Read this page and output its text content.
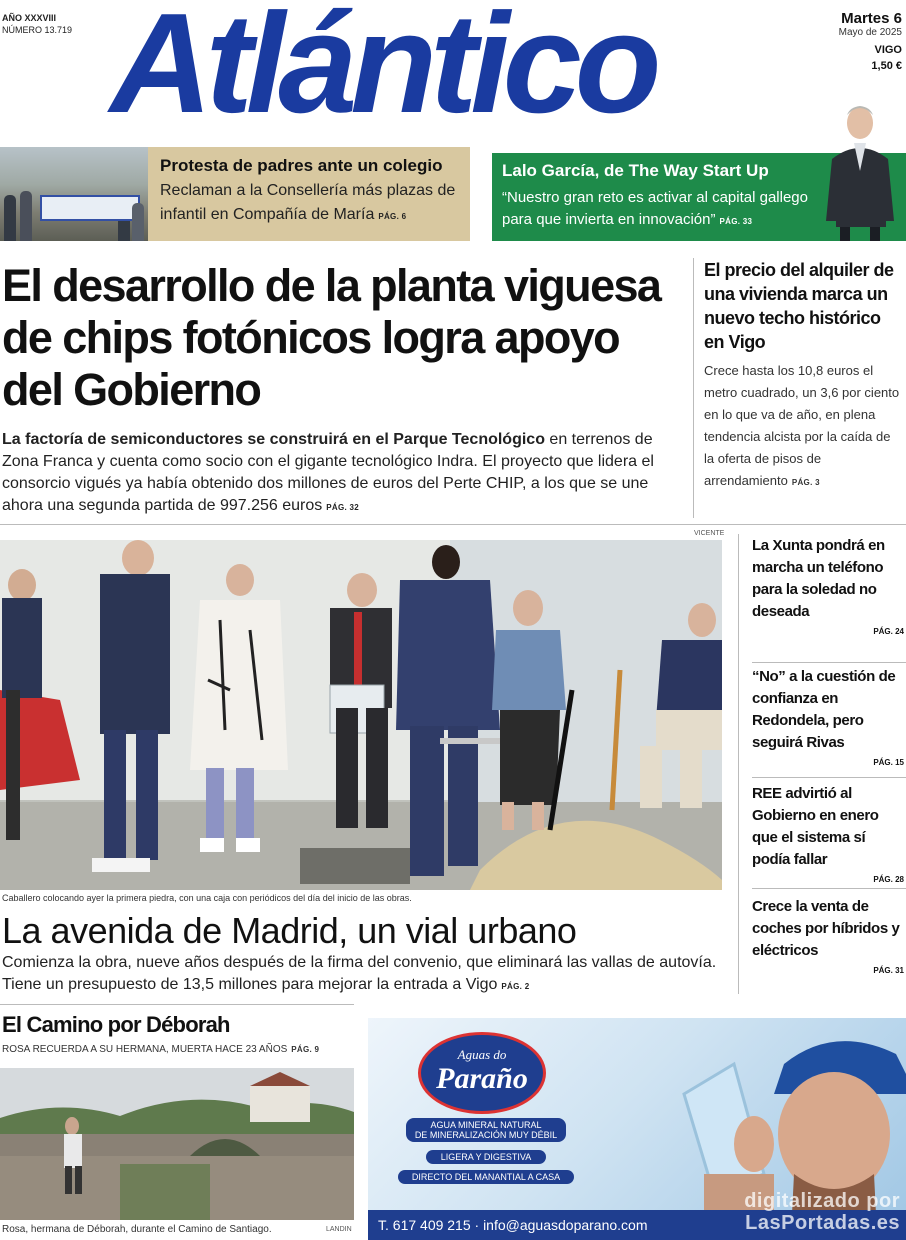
AÑO XXXVIII
NÚMERO 13.719 Atlántico	Martes 6
Mayo de 2025
VIGO
1,50 €
Protesta de padres ante un colegio

Reclaman a la Consellería más plazas de infantil en Compañía de María PÁG. 6

Lalo García, de The Way Start Up

“Nuestro gran reto es activar al capital gallego para que invierta en innovación” PÁG. 33

El desarrollo de la planta viguesa de chips fotónicos logra apoyo del Gobierno
La factoría de semiconductores se construirá en el Parque Tecnológico en terrenos de Zona Franca y cuenta como socio con el gigante tecnológico Indra. El proyecto que lidera el consorcio vigués ya había obtenido dos millones de euros del Perte CHIP, a los que se une ahora una segunda partida de 997.256 euros PÁG. 32
El precio del alquiler de una vivienda marca un nuevo techo histórico en Vigo

Crece hasta los 10,8 euros el metro cuadrado, un 3,6 por ciento en lo que va de año, en plena tendencia alcista por la caída de la oferta de pisos de arrendamiento PÁG. 3

VICENTE
Caballero colocando ayer la primera piedra, con una caja con periódicos del día del inicio de las obras.
La avenida de Madrid, un vial urbano
Comienza la obra, nueve años después de la firma del convenio, que eliminará las vallas de autovía. Tiene un presupuesto de 13,5 millones para mejorar la entrada a Vigo PÁG. 2
La Xunta pondrá en marcha un teléfono para la soledad no deseada
PÁG. 24
“No” a la cuestión de confianza en Redondela, pero seguirá Rivas
PÁG. 15
REE advirtió al Gobierno en enero que el sistema sí podía fallar
PÁG. 28
Crece la venta de coches por híbridos y eléctricos
PÁG. 31
El Camino por Déborah
ROSA RECUERDA A SU HERMANA, MUERTA HACE 23 AÑOS PÁG. 9
Rosa, hermana de Déborah, durante el Camino de Santiago.	LANDIN
Aguas do
Paraño
AGUA MINERAL NATURAL
DE MINERALIZACIÓN MUY DÉBIL
LIGERA Y DIGESTIVA
DIRECTO DEL MANANTIAL A CASA
T. 617 409 215 · info@aguasdoparano.com
digitalizado por
LasPortadas.es
